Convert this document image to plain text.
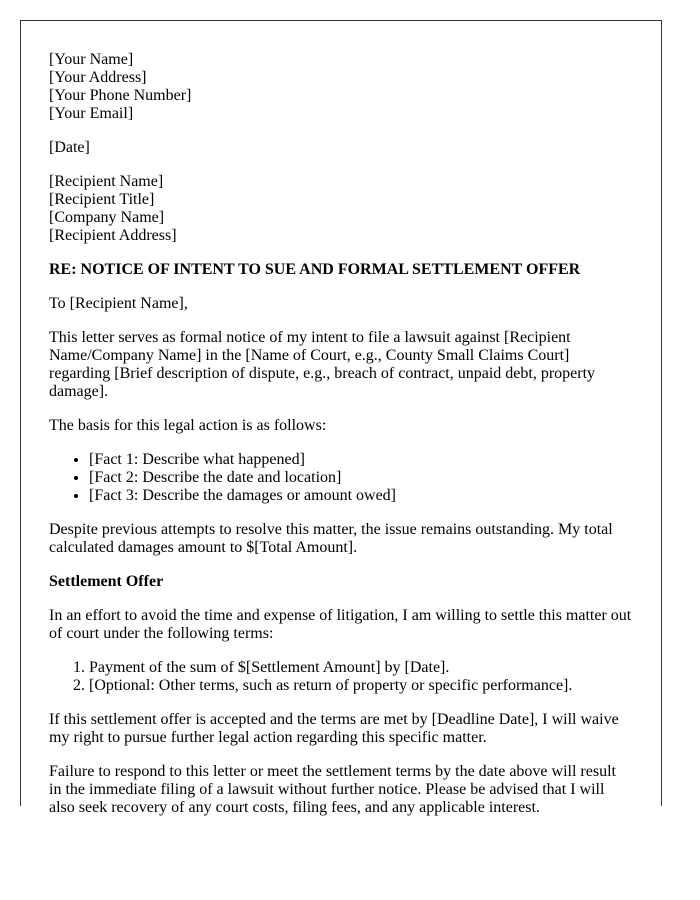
[Your Name]
[Your Address]
[Your Phone Number]
[Your Email]

[Date]

[Recipient Name]
[Recipient Title]
[Company Name]
[Recipient Address]

RE: NOTICE OF INTENT TO SUE AND FORMAL SETTLEMENT OFFER

To [Recipient Name],

This letter serves as formal notice of my intent to file a lawsuit against [Recipient Name/Company Name] in the [Name of Court, e.g., County Small Claims Court] regarding [Brief description of dispute, e.g., breach of contract, unpaid debt, property damage].

The basis for this legal action is as follows:

• [Fact 1: Describe what happened]
• [Fact 2: Describe the date and location]
• [Fact 3: Describe the damages or amount owed]

Despite previous attempts to resolve this matter, the issue remains outstanding. My total calculated damages amount to $[Total Amount].

Settlement Offer

In an effort to avoid the time and expense of litigation, I am willing to settle this matter out of court under the following terms:

1. Payment of the sum of $[Settlement Amount] by [Date].
2. [Optional: Other terms, such as return of property or specific performance].

If this settlement offer is accepted and the terms are met by [Deadline Date], I will waive my right to pursue further legal action regarding this specific matter.

Failure to respond to this letter or meet the settlement terms by the date above will result in the immediate filing of a lawsuit without further notice. Please be advised that I will also seek recovery of any court costs, filing fees, and any applicable interest.
